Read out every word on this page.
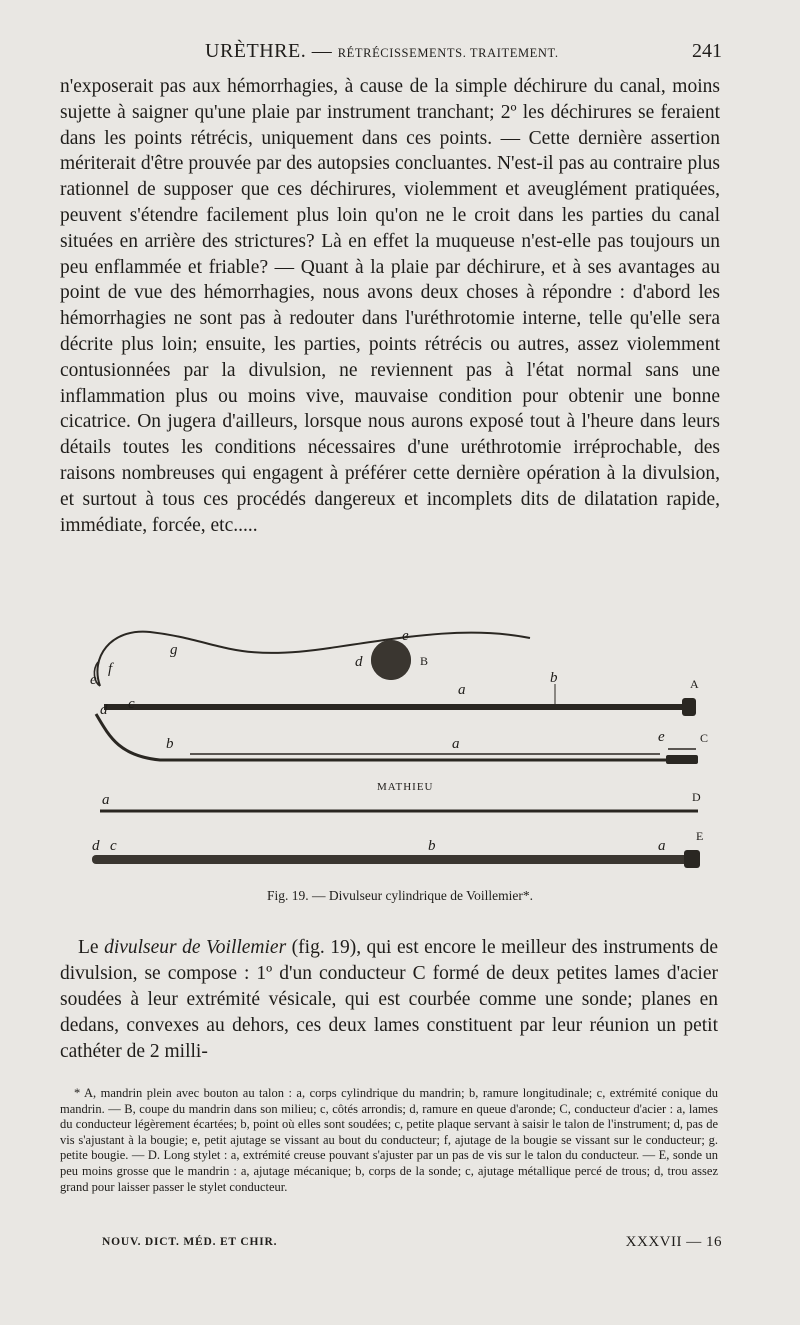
URÈTHRE. — RÉTRÉCISSEMENTS. TRAITEMENT.	241

n'exposerait pas aux hémorrhagies, à cause de la simple déchirure du canal, moins sujette à saigner qu'une plaie par instrument tranchant; 2º les déchirures se feraient dans les points rétrécis, uniquement dans ces points. — Cette dernière assertion mériterait d'être prouvée par des autopsies concluantes. N'est-il pas au contraire plus rationnel de supposer que ces déchirures, violemment et aveuglément pratiquées, peuvent s'étendre facilement plus loin qu'on ne le croit dans les parties du canal situées en arrière des strictures? Là en effet la muqueuse n'est-elle pas toujours un peu enflammée et friable? — Quant à la plaie par déchirure, et à ses avantages au point de vue des hémorrhagies, nous avons deux choses à répondre : d'abord les hémorrhagies ne sont pas à redouter dans l'uréthrotomie interne, telle qu'elle sera décrite plus loin; ensuite, les parties, points rétrécis ou autres, assez violemment contusionnées par la divulsion, ne reviennent pas à l'état normal sans une inflammation plus ou moins vive, mauvaise condition pour obtenir une bonne cicatrice. On jugera d'ailleurs, lorsque nous aurons exposé tout à l'heure dans leurs détails toutes les conditions nécessaires d'une uréthrotomie irréprochable, des raisons nombreuses qui engagent à préférer cette dernière opération à la divulsion, et surtout à tous ces procédés dangereux et incomplets dits de dilatation rapide, immédiate, forcée, etc.....

g
f
e
d	B
e
d c
a
b	A
b	a	e	C
MATHIEU
a	D
d c	b	a
E
Fig. 19. — Divulseur cylindrique de Voillemier*.

Le divulseur de Voillemier (fig. 19), qui est encore le meilleur des instruments de divulsion, se compose : 1º d'un conducteur C formé de deux petites lames d'acier soudées à leur extrémité vésicale, qui est courbée comme une sonde; planes en dedans, convexes au dehors, ces deux lames constituent par leur réunion un petit cathéter de 2 milli-

* A, mandrin plein avec bouton au talon : a, corps cylindrique du mandrin; b, ramure longitudinale; c, extrémité conique du mandrin. — B, coupe du mandrin dans son milieu; c, côtés arrondis; d, ramure en queue d'aronde; C, conducteur d'acier : a, lames du conducteur légèrement écartées; b, point où elles sont soudées; c, petite plaque servant à saisir le talon de l'instrument; d, pas de vis s'ajustant à la bougie; e, petit ajutage se vissant au bout du conducteur; f, ajutage de la bougie se vissant sur le conducteur; g. petite bougie. — D. Long stylet : a, extrémité creuse pouvant s'ajuster par un pas de vis sur le talon du conducteur. — E, sonde un peu moins grosse que le mandrin : a, ajutage mécanique; b, corps de la sonde; c, ajutage métallique percé de trous; d, trou assez grand pour laisser passer le stylet conducteur.

NOUV. DICT. MÉD. ET CHIR.	XXXVII — 16
